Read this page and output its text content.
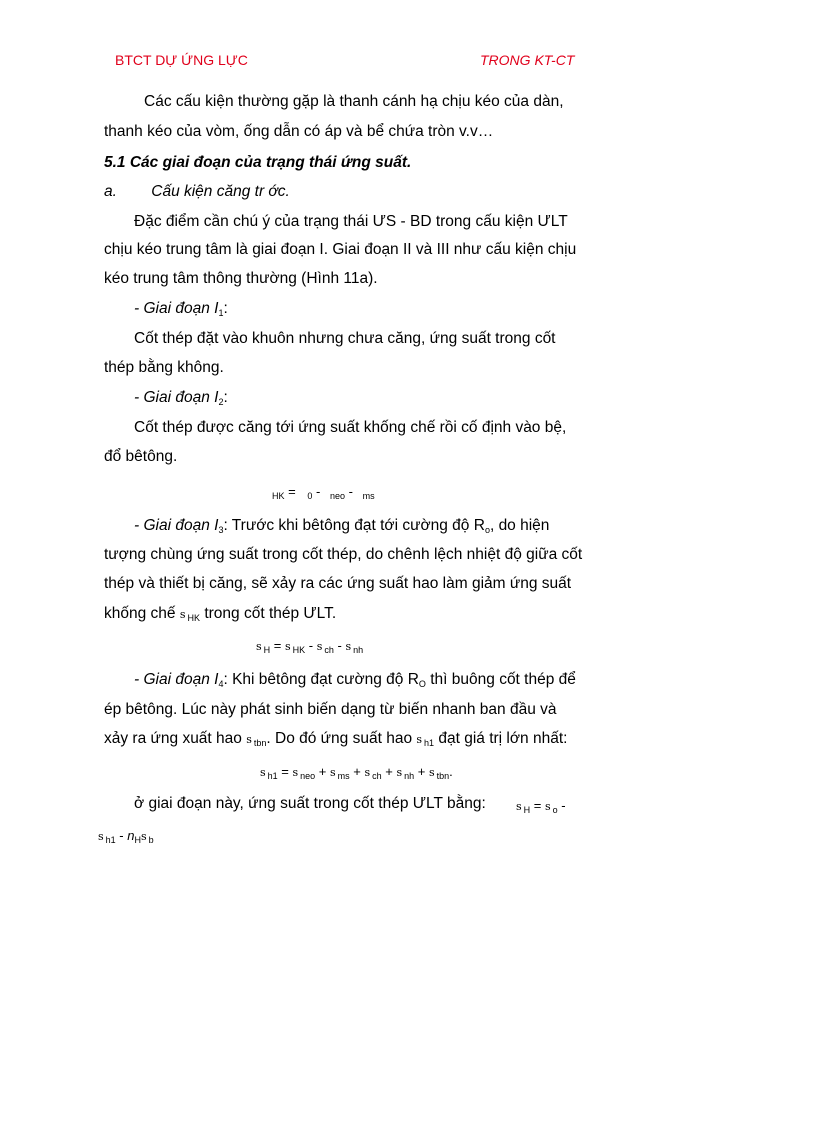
BTCT DỰ ỨNG LỰC	TRONG KT-CT
Các cấu kiện thường gặp là thanh cánh hạ chịu kéo của dàn,
thanh kéo của vòm, ống dẫn có áp và bể chứa tròn v.v…
5.1 Các giai đoạn của trạng thái ứng suất.
a. Cấu kiện căng tr ớc.
Đặc điểm cần chú ý của trạng thái ƯS - BD trong cấu kiện ƯLT
chịu kéo trung tâm là giai đoạn I. Giai đoạn II và III như cấu kiện chịu
kéo trung tâm thông thường (Hình 11a).
- Giai đoạn $I_1$:
Cốt thép đặt vào khuôn nhưng chưa căng, ứng suất trong cốt
thép bằng không.
- Giai đoạn $I_2$:
Cốt thép được căng tới ứng suất khống chế rồi cố định vào bệ,
đổ bêtông.
$_{HK}$ = $_0$ - $_{neo}$ - $_{ms}$
- Giai đoạn $I_3$: Trước khi bêtông đạt tới cường độ $R_o$, do hiện
tượng chùng ứng suất trong cốt thép, do chênh lệch nhiệt độ giữa cốt
thép và thiết bị căng, sẽ xảy ra các ứng suất hao làm giảm ứng suất
khống chế s HK trong cốt thép ƯLT.
s $_H$ = s $_{HK}$ - s $_{ch}$ - s $_{nh}$
- Giai đoạn $I_4$: Khi bêtông đạt cường độ $R_O$ thì buông cốt thép để
ép bêtông. Lúc này phát sinh biến dạng từ biến nhanh ban đầu và
xảy ra ứng xuất hao s tbn. Do đó ứng suất hao s h1 đạt giá trị lớn nhất:
s $_{h1}$ = s $_{neo}$ + s $_{ms}$ + s $_{ch}$ + s $_{nh}$ + s $_{tbn}$.
ở giai đoạn này, ứng suất trong cốt thép ƯLT bằng:	s $_H$ = s $_o$ -
s $_{h1} - n_Hs$ $_b$
